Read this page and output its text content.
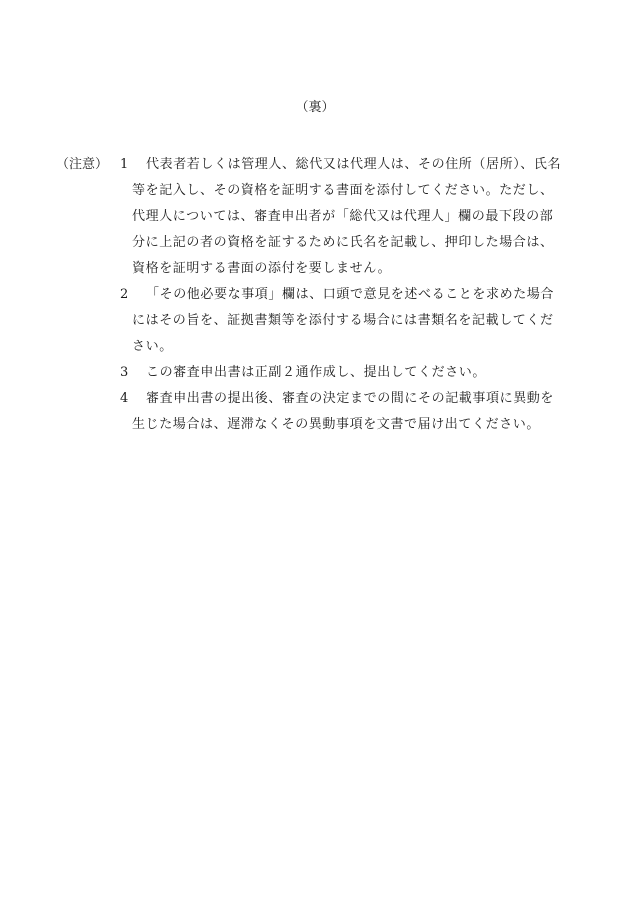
（裏）
（注意） 1	代表者若しくは管理人、総代又は代理人は、その住所（居所）、氏名
等を記入し、その資格を証明する書面を添付してください。ただし、
代理人については、審査申出者が「総代又は代理人」欄の最下段の部
分に上記の者の資格を証するために氏名を記載し、押印した場合は、
資格を証明する書面の添付を要しません。
2	「その他必要な事項」欄は、口頭で意見を述べることを求めた場合
にはその旨を、証拠書類等を添付する場合には書類名を記載してくだ
さい。
3	この審査申出書は正副２通作成し、提出してください。
4	審査申出書の提出後、審査の決定までの間にその記載事項に異動を
生じた場合は、遅滞なくその異動事項を文書で届け出てください。
